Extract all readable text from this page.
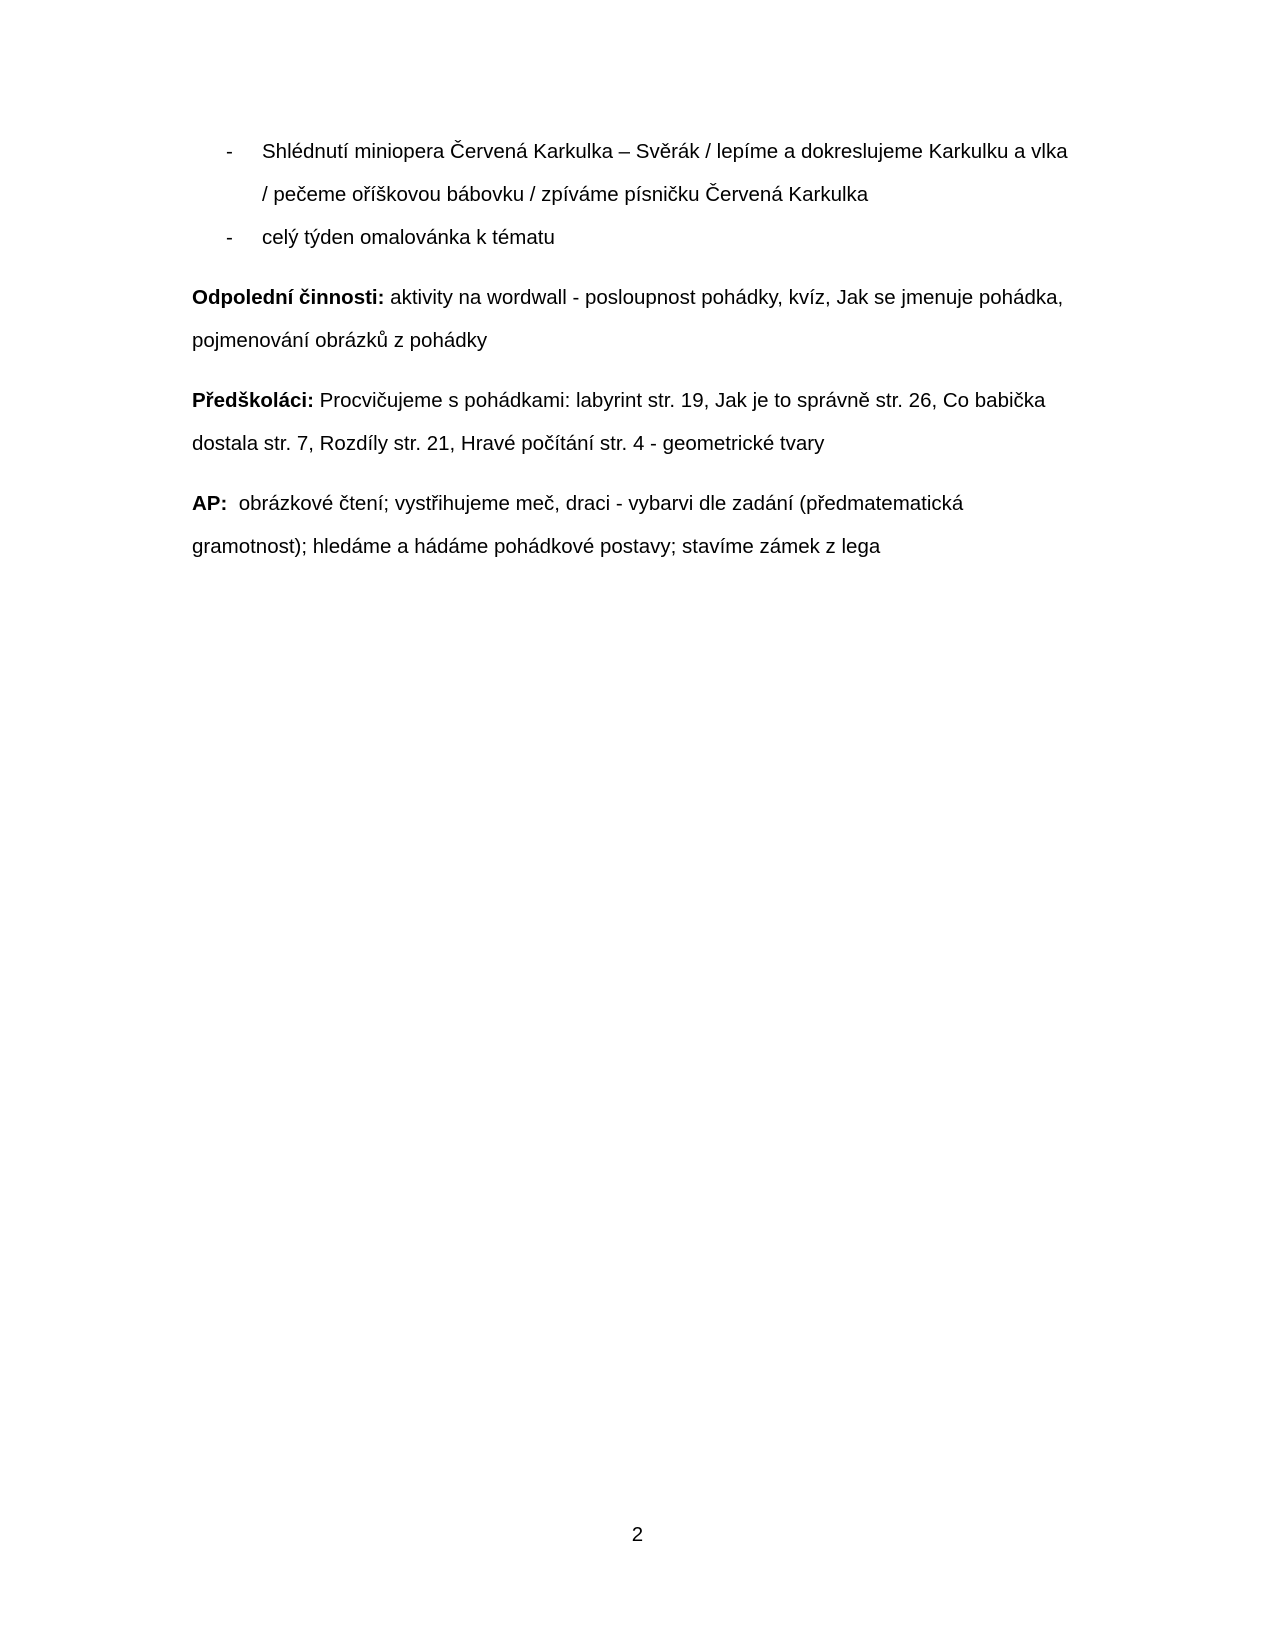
- Shlédnutí miniopera Červená Karkulka – Svěrák / lepíme a dokreslujeme Karkulku a vlka / pečeme oříškovou bábovku / zpíváme písničku Červená Karkulka
- celý týden omalovánka k tématu

Odpolední činnosti: aktivity na wordwall - posloupnost pohádky, kvíz, Jak se jmenuje pohádka, pojmenování obrázků z pohádky

Předškoláci: Procvičujeme s pohádkami: labyrint str. 19, Jak je to správně str. 26, Co babička dostala str. 7, Rozdíly str. 21, Hravé počítání str. 4 - geometrické tvary

AP:  obrázkové čtení; vystřihujeme meč, draci - vybarvi dle zadání (předmatematická gramotnost); hledáme a hádáme pohádkové postavy; stavíme zámek z lega

2
